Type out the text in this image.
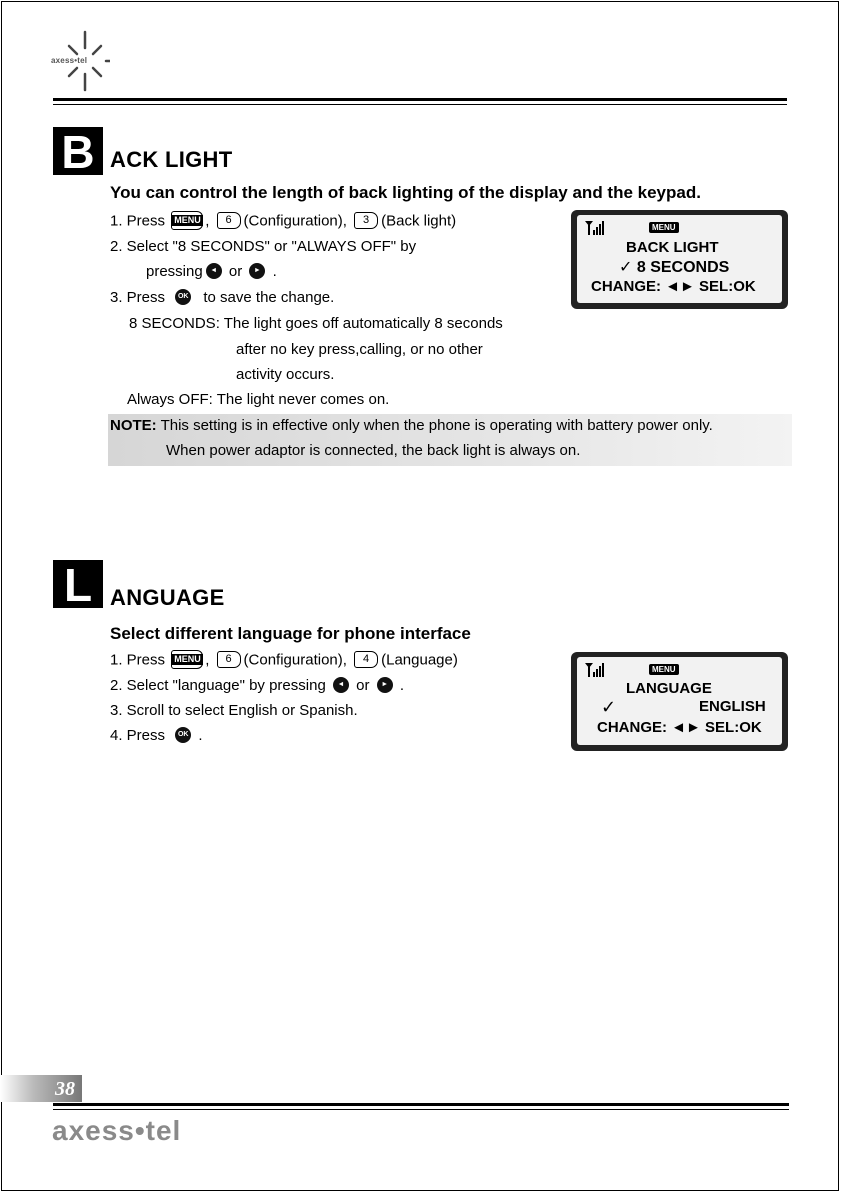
axess•tel
B ACK LIGHT
You can control the length of back lighting of the display and the keypad.
1. Press MENU , 6 (Configuration), 3 (Back light)
2. Select "8 SECONDS" or "ALWAYS OFF" by
pressing ◄ or ► .
3. Press OK to save the change.
8 SECONDS: The light goes off automatically 8 seconds
after no key press,calling, or no other
activity occurs.
Always OFF: The light never comes on.
NOTE: This setting is in effective only when the phone is operating with battery power only.
When power adaptor is connected, the back light is always on.
MENU
BACK LIGHT
✓ 8 SECONDS
CHANGE: ◄► SEL:OK
L ANGUAGE
Select different language for phone interface
1. Press MENU , 6 (Configuration), 4 (Language)
2. Select "language" by pressing ◄ or ► .
3. Scroll to select English or Spanish.
4. Press OK .
MENU
LANGUAGE
✓	ENGLISH
CHANGE: ◄► SEL:OK
38
axess•tel
